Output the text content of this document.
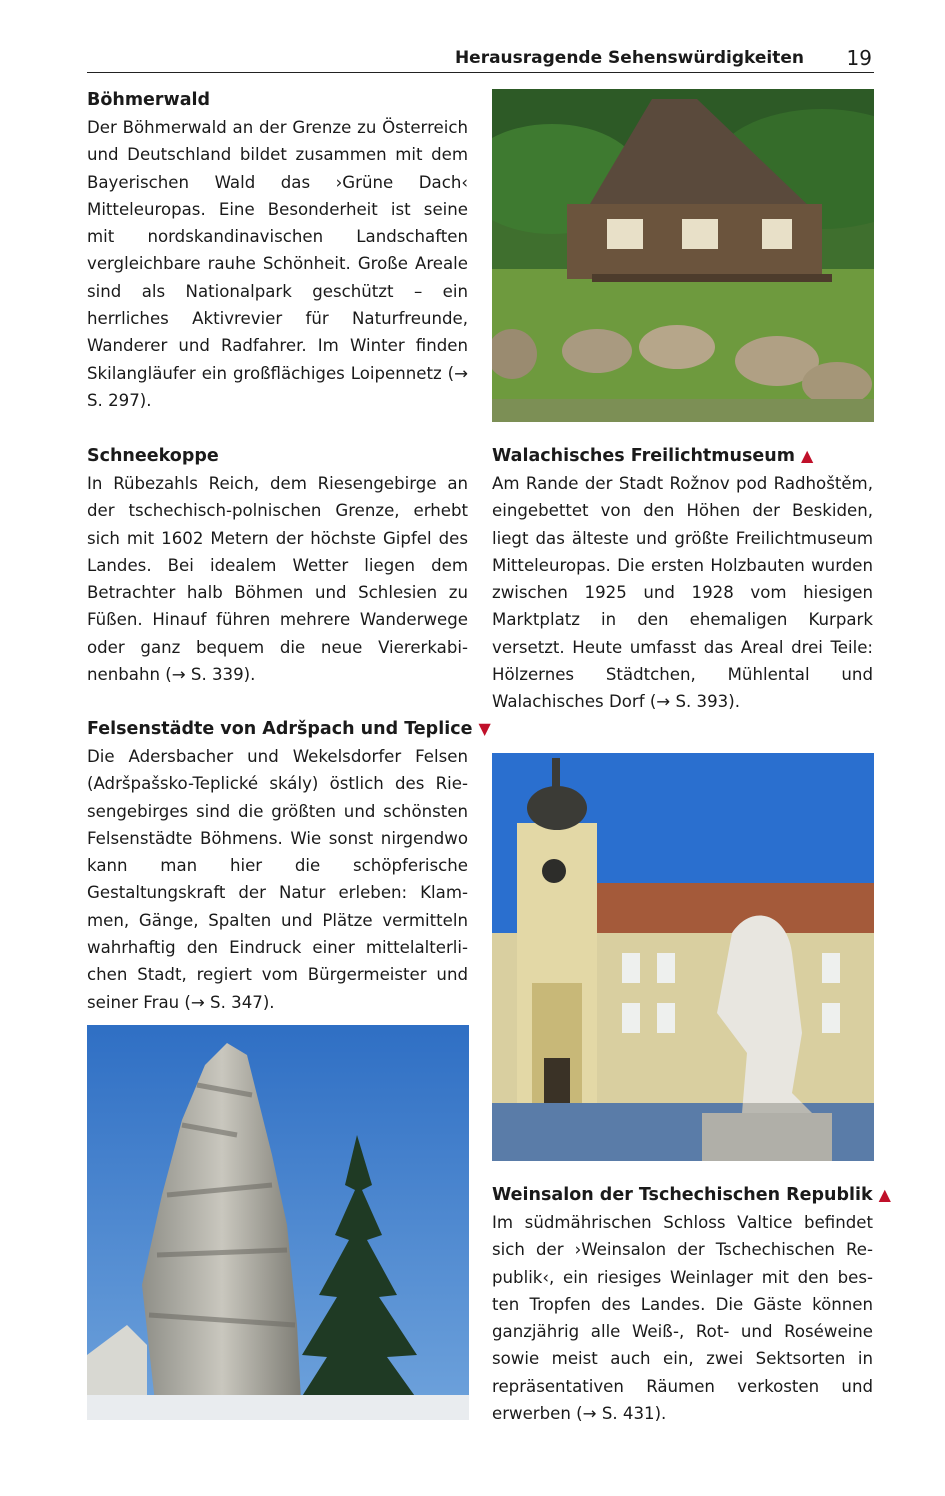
Herausragende Sehenswürdigkeiten 19
Böhmerwald

Der Böhmerwald an der Grenze zu Österreich und Deutschland bildet zusammen mit dem Bayerischen Wald das ›Grüne Dach‹ Mitteleuropas. Eine Besonderheit ist seine mit nordskandinavischen Landschaften vergleichbare rauhe Schönheit. Große Areale sind als Nationalpark geschützt – ein herrliches Aktivrevier für Naturfreunde, Wanderer und Radfahrer. Im Winter finden Skilangläufer ein großflächiges Loipennetz (→ S. 297).

Schneekoppe

In Rübezahls Reich, dem Riesengebirge an der tschechisch-polnischen Grenze, erhebt sich mit 1602 Metern der höchste Gipfel des Landes. Bei idealem Wetter liegen dem Betrachter halb Böhmen und Schlesien zu Füßen. Hinauf führen mehrere Wanderwege oder ganz bequem die neue Viererkabinenbahn (→ S. 339).

Felsenstädte von Adršpach und Teplice ▼

Die Adersbacher und Wekelsdorfer Felsen (Adršpašsko-Teplické skály) östlich des Riesengebirges sind die größten und schönsten Felsenstädte Böhmens. Wie sonst nirgendwo kann man hier die schöpferische Gestaltungskraft der Natur erleben: Klammen, Gänge, Spalten und Plätze vermitteln wahrhaftig den Eindruck einer mittelalterlichen Stadt, regiert vom Bürgermeister und seiner Frau (→ S. 347).

Walachisches Freilichtmuseum ▲

Am Rande der Stadt Rožnov pod Radhoštěm, eingebettet von den Höhen der Beskiden, liegt das älteste und größte Freilichtmuseum Mitteleuropas. Die ersten Holzbauten wurden zwischen 1925 und 1928 vom hiesigen Marktplatz in den ehemaligen Kurpark versetzt. Heute umfasst das Areal drei Teile: Hölzernes Städtchen, Mühlental und Walachisches Dorf (→ S. 393).

Weinsalon der Tschechischen Republik ▲

Im südmährischen Schloss Valtice befindet sich der ›Weinsalon der Tschechischen Republik‹, ein riesiges Weinlager mit den besten Tropfen des Landes. Die Gäste können ganzjährig alle Weiß-, Rot- und Roséweine sowie meist auch ein, zwei Sektsorten in repräsentativen Räumen verkosten und erwerben (→ S. 431).
